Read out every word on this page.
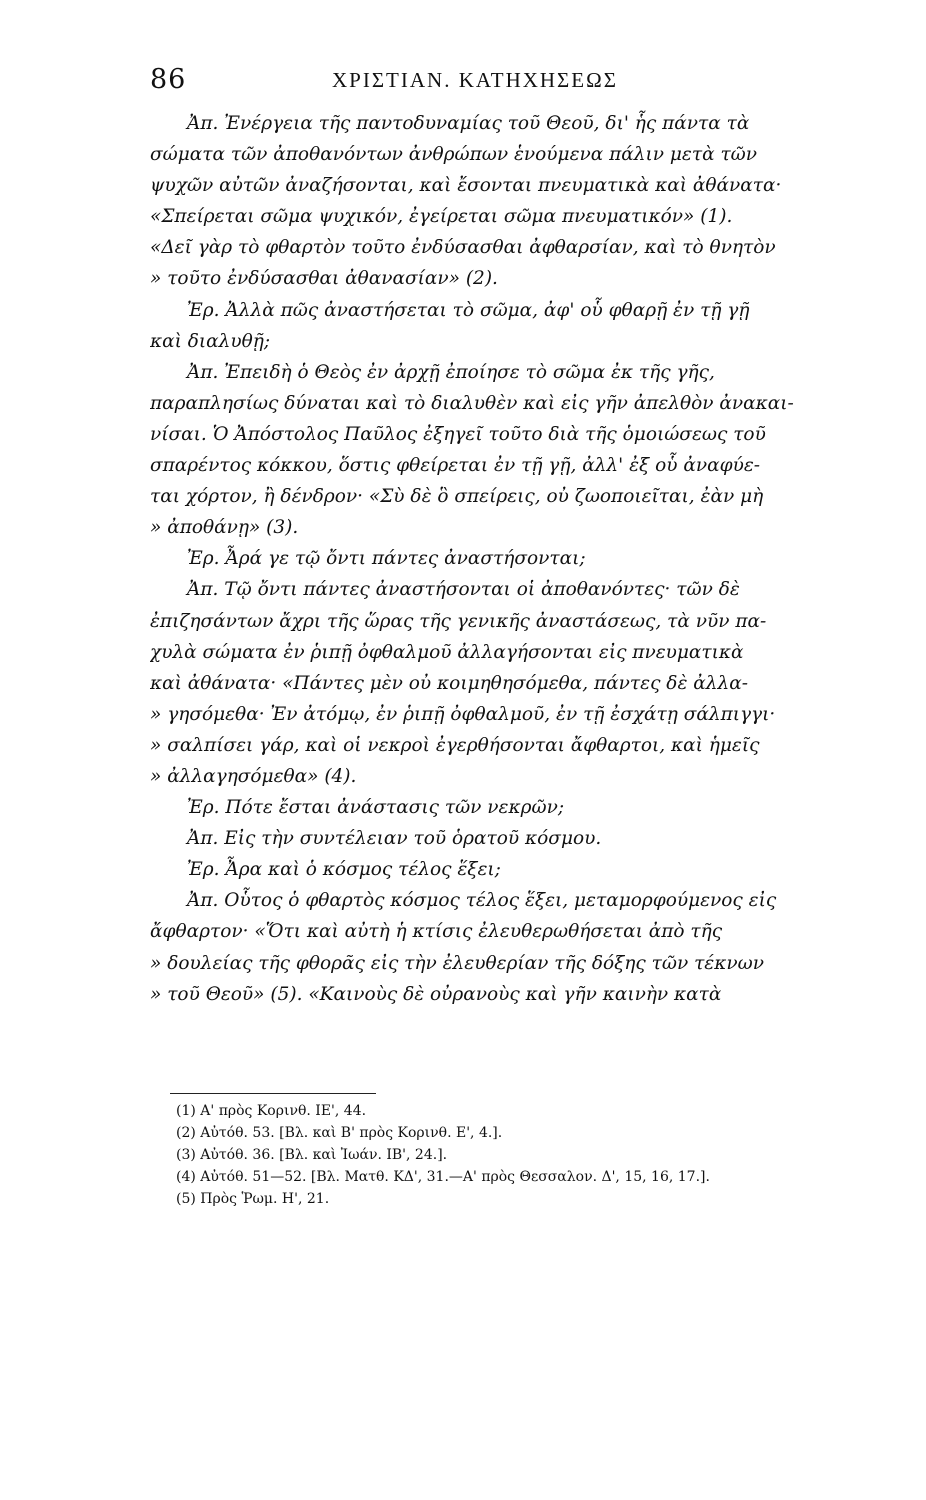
86	ΧΡΙΣΤΙΑΝ. ΚΑΤΗΧΗΣΕΩΣ
Ἀπ. Ἐνέργεια τῆς παντοδυναμίας τοῦ Θεοῦ, δι' ἧς πάντα τὰ
σώματα τῶν ἀποθανόντων ἀνθρώπων ἑνούμενα πάλιν μετὰ τῶν
ψυχῶν αὐτῶν ἀναζήσονται, καὶ ἔσονται πνευματικὰ καὶ ἀθάνατα·
«Σπείρεται σῶμα ψυχικόν, ἐγείρεται σῶμα πνευματικόν» (1).
«Δεῖ γὰρ τὸ φθαρτὸν τοῦτο ἐνδύσασθαι ἀφθαρσίαν, καὶ τὸ θνητὸν
» τοῦτο ἐνδύσασθαι ἀθανασίαν» (2).
Ἐρ. Ἀλλὰ πῶς ἀναστήσεται τὸ σῶμα, ἀφ' οὗ φθαρῇ ἐν τῇ γῇ
καὶ διαλυθῇ;
Ἀπ. Ἐπειδὴ ὁ Θεὸς ἐν ἀρχῇ ἐποίησε τὸ σῶμα ἐκ τῆς γῆς,
παραπλησίως δύναται καὶ τὸ διαλυθὲν καὶ εἰς γῆν ἀπελθὸν ἀνακαι-
νίσαι. Ὁ Ἀπόστολος Παῦλος ἐξηγεῖ τοῦτο διὰ τῆς ὁμοιώσεως τοῦ
σπαρέντος κόκκου, ὅστις φθείρεται ἐν τῇ γῇ, ἀλλ' ἐξ οὗ ἀναφύε-
ται χόρτον, ἢ δένδρον· «Σὺ δὲ ὃ σπείρεις, οὐ ζωοποιεῖται, ἐὰν μὴ
» ἀποθάνῃ» (3).
Ἐρ. Ἆρά γε τῷ ὄντι πάντες ἀναστήσονται;
Ἀπ. Τῷ ὄντι πάντες ἀναστήσονται οἱ ἀποθανόντες· τῶν δὲ
ἐπιζησάντων ἄχρι τῆς ὥρας τῆς γενικῆς ἀναστάσεως, τὰ νῦν πα-
χυλὰ σώματα ἐν ῥιπῇ ὀφθαλμοῦ ἀλλαγήσονται εἰς πνευματικὰ
καὶ ἀθάνατα· «Πάντες μὲν οὐ κοιμηθησόμεθα, πάντες δὲ ἀλλα-
» γησόμεθα· Ἐν ἀτόμῳ, ἐν ῥιπῇ ὀφθαλμοῦ, ἐν τῇ ἐσχάτῃ σάλπιγγι·
» σαλπίσει γάρ, καὶ οἱ νεκροὶ ἐγερθήσονται ἄφθαρτοι, καὶ ἡμεῖς
» ἀλλαγησόμεθα» (4).
Ἐρ. Πότε ἔσται ἀνάστασις τῶν νεκρῶν;
Ἀπ. Εἰς τὴν συντέλειαν τοῦ ὁρατοῦ κόσμου.
Ἐρ. Ἆρα καὶ ὁ κόσμος τέλος ἕξει;
Ἀπ. Οὗτος ὁ φθαρτὸς κόσμος τέλος ἕξει, μεταμορφούμενος εἰς
ἄφθαρτον· «Ὅτι καὶ αὐτὴ ἡ κτίσις ἐλευθερωθήσεται ἀπὸ τῆς
» δουλείας τῆς φθορᾶς εἰς τὴν ἐλευθερίαν τῆς δόξης τῶν τέκνων
» τοῦ Θεοῦ» (5). «Καινοὺς δὲ οὐρανοὺς καὶ γῆν καινὴν κατὰ
(1) Α' πρὸς Κορινθ. ΙΕ', 44.
(2) Αὐτόθ. 53. [Βλ. καὶ Β' πρὸς Κορινθ. Ε', 4.].
(3) Αὐτόθ. 36. [Βλ. καὶ Ἰωάν. ΙΒ', 24.].
(4) Αὐτόθ. 51—52. [Βλ. Ματθ. ΚΔ', 31.—Α' πρὸς Θεσσαλον. Δ', 15, 16, 17.].
(5) Πρὸς Ῥωμ. Η', 21.
